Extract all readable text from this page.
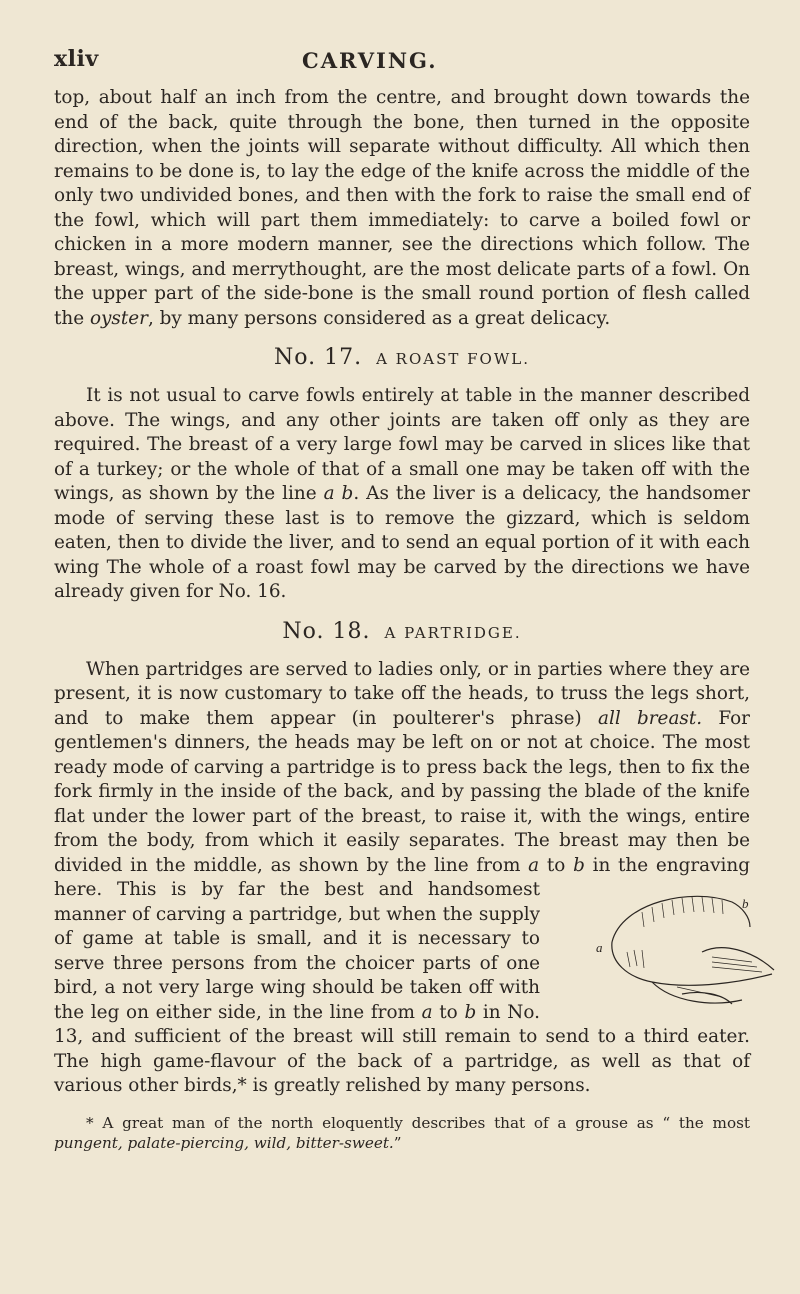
xliv	CARVING.

top, about half an inch from the centre, and brought down towards the end of the back, quite through the bone, then turned in the opposite direction, when the joints will separate without difficulty. All which then remains to be done is, to lay the edge of the knife across the middle of the only two undivided bones, and then with the fork to raise the small end of the fowl, which will part them immediately: to carve a boiled fowl or chicken in a more modern manner, see the directions which follow. The breast, wings, and merrythought, are the most delicate parts of a fowl. On the upper part of the side-bone is the small round portion of flesh called the oyster, by many persons considered as a great delicacy.

No. 17. A ROAST FOWL.

It is not usual to carve fowls entirely at table in the manner described above. The wings, and any other joints are taken off only as they are required. The breast of a very large fowl may be carved in slices like that of a turkey; or the whole of that of a small one may be taken off with the wings, as shown by the line a b. As the liver is a delicacy, the handsomer mode of serving these last is to remove the gizzard, which is seldom eaten, then to divide the liver, and to send an equal portion of it with each wing The whole of a roast fowl may be carved by the directions we have already given for No. 16.

No. 18. A PARTRIDGE.

When partridges are served to ladies only, or in parties where they are present, it is now customary to take off the heads, to truss the legs short, and to make them appear (in poulterer's phrase) all breast. For gentlemen's dinners, the heads may be left on or not at choice. The most ready mode of carving a partridge is to press back the legs, then to fix the fork firmly in the inside of the back, and by passing the blade of the knife flat under the lower part of the breast, to raise it, with the wings, entire from the body, from which it easily separates. The breast may then be divided in the middle, as shown by the line from a to b
a
b
in the engraving here. This is by far the best and handsomest manner of carving a partridge, but when the supply of game at table is small, and it is necessary to serve three persons from the choicer parts of one bird, a not very large wing should be taken off with the leg on either side, in the line from a to b in No. 13, and sufficient of the breast will still remain to send to a third eater. The high game-flavour of the back of a partridge, as well as that of various other birds,* is greatly relished by many persons.

* A great man of the north eloquently describes that of a grouse as “ the most pungent, palate-piercing, wild, bitter-sweet.”
